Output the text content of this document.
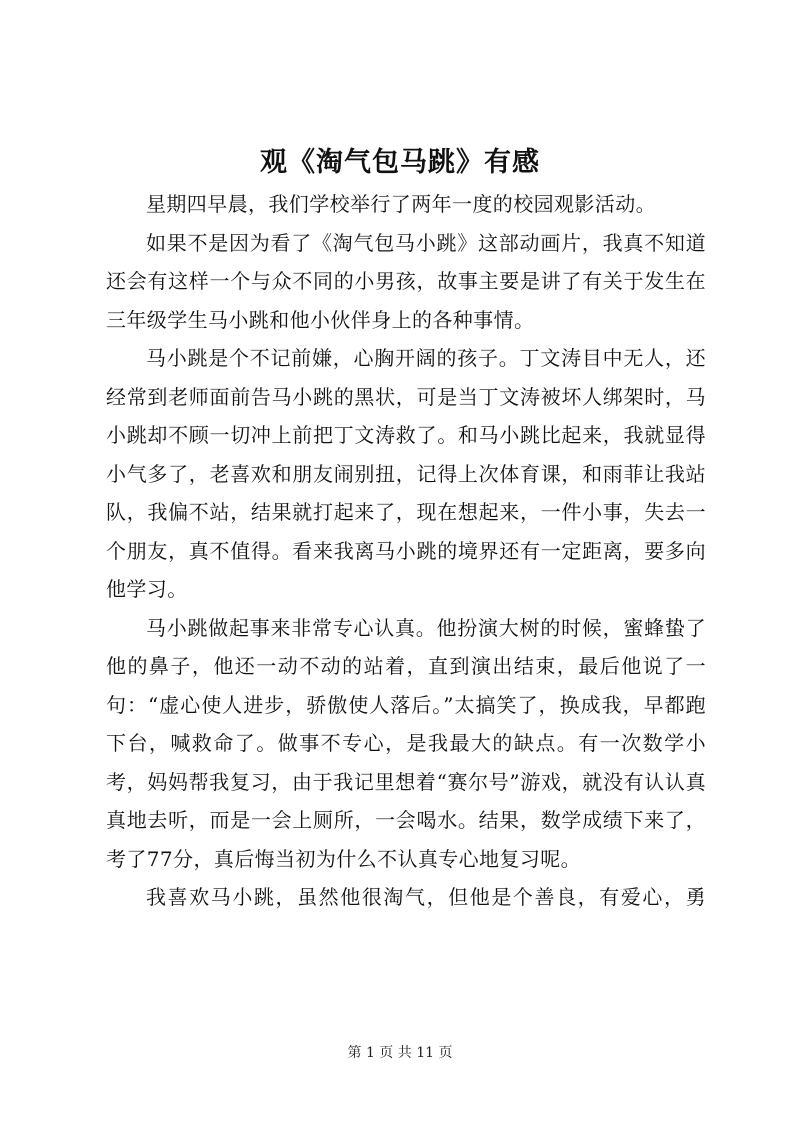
观《淘气包马跳》有感

星期四早晨，我们学校举行了两年一度的校园观影活动。

如果不是因为看了《淘气包马小跳》这部动画片，我真不知道还会有这样一个与众不同的小男孩，故事主要是讲了有关于发生在三年级学生马小跳和他小伙伴身上的各种事情。

马小跳是个不记前嫌，心胸开阔的孩子。丁文涛目中无人，还经常到老师面前告马小跳的黑状，可是当丁文涛被坏人绑架时，马小跳却不顾一切冲上前把丁文涛救了。和马小跳比起来，我就显得小气多了，老喜欢和朋友闹别扭，记得上次体育课，和雨菲让我站队，我偏不站，结果就打起来了，现在想起来，一件小事，失去一个朋友，真不值得。看来我离马小跳的境界还有一定距离，要多向他学习。

马小跳做起事来非常专心认真。他扮演大树的时候，蜜蜂蛰了他的鼻子，他还一动不动的站着，直到演出结束，最后他说了一句：“虚心使人进步，骄傲使人落后。”太搞笑了，换成我，早都跑下台，喊救命了。做事不专心，是我最大的缺点。有一次数学小考，妈妈帮我复习，由于我记里想着“赛尔号”游戏，就没有认认真真地去听，而是一会上厕所，一会喝水。结果，数学成绩下来了，考了77分，真后悔当初为什么不认真专心地复习呢。

我喜欢马小跳，虽然他很淘气，但他是个善良，有爱心，勇

第 1 页 共 11 页
